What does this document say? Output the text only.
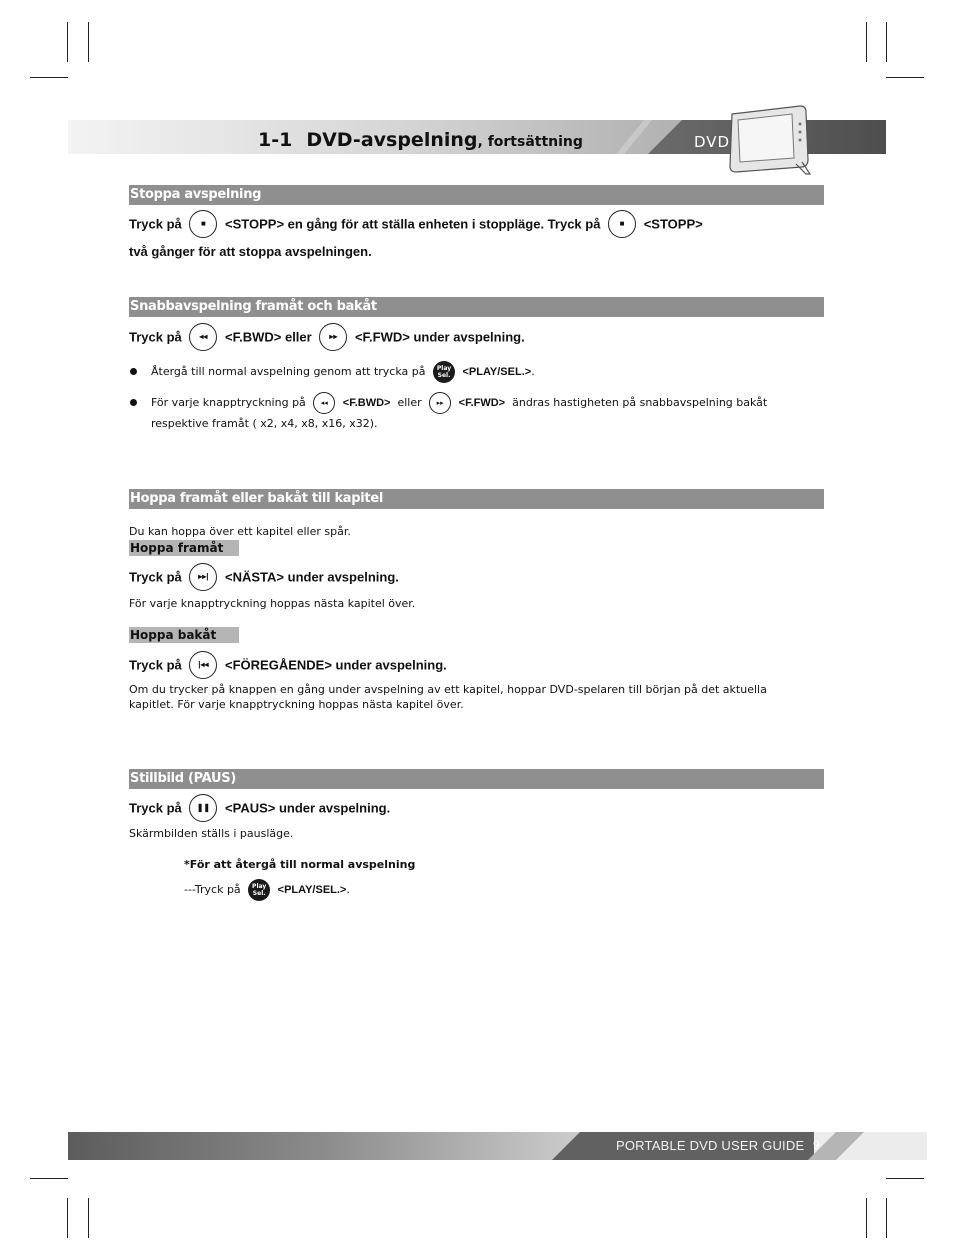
1-1 DVD-avspelning, fortsättning	DVD
Stoppa avspelning
Tryck på ■ <STOPP> en gång för att ställa enheten i stoppläge. Tryck på ■ <STOPP>
två gånger för att stoppa avspelningen.
Snabbavspelning framåt och bakåt
Tryck på ◂◂ <F.BWD> eller ▸▸ <F.FWD> under avspelning.
Återgå till normal avspelning genom att trycka på Play
Sel. <PLAY/SEL.>.
För varje knapptryckning på ◂◂ <F.BWD> eller ▸▸ <F.FWD> ändras hastigheten på snabbavspelning bakåt
respektive framåt ( x2, x4, x8, x16, x32).
Hoppa framåt eller bakåt till kapitel
Du kan hoppa över ett kapitel eller spår.
Hoppa framåt
Tryck på ▸▸| <NÄSTA> under avspelning.
För varje knapptryckning hoppas nästa kapitel över.
Hoppa bakåt
Tryck på |◂◂ <FÖREGÅENDE> under avspelning.
Om du trycker på knappen en gång under avspelning av ett kapitel, hoppar DVD-spelaren till början på det aktuella
kapitlet. För varje knapptryckning hoppas nästa kapitel över.
Stillbild (PAUS)
Tryck på ❚❚ <PAUS> under avspelning.
Skärmbilden ställs i pausläge.
*För att återgå till normal avspelning
---Tryck på Play
Sel. <PLAY/SEL.>.
PORTABLE DVD USER GUIDE 9
